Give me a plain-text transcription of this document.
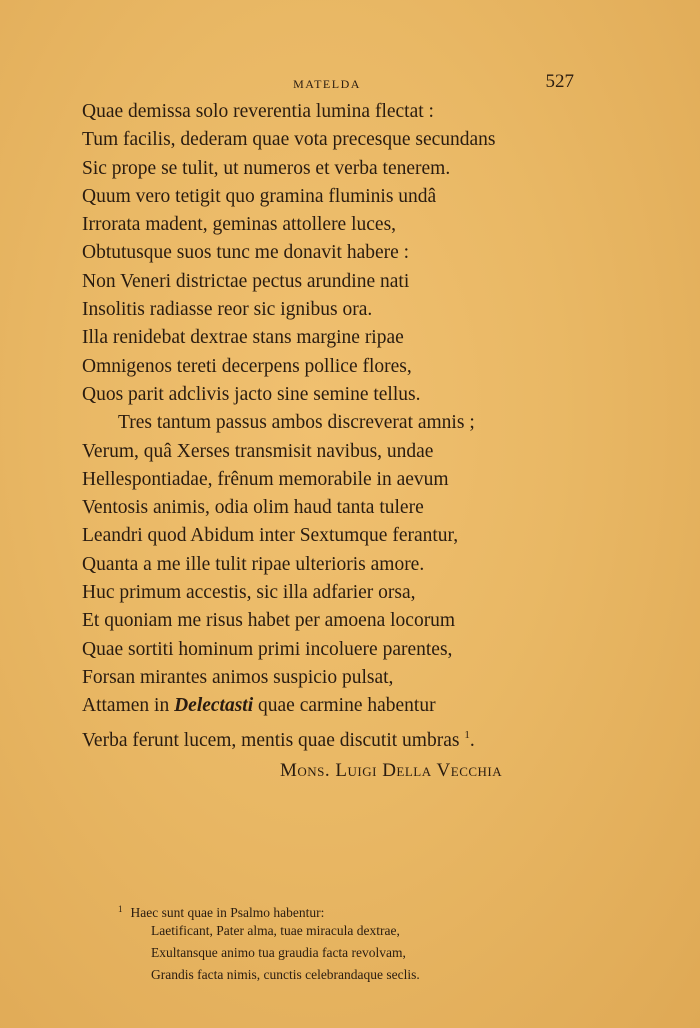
MATELDA	527
Quae demissa solo reverentia lumina flectat :
Tum facilis, dederam quae vota precesque secundans
Sic prope se tulit, ut numeros et verba tenerem.
Quum vero tetigit quo gramina fluminis undâ
Irrorata madent, geminas attollere luces,
Obtutusque suos tunc me donavit habere :
Non Veneri districtae pectus arundine nati
Insolitis radiasse reor sic ignibus ora.
Illa renidebat dextrae stans margine ripae
Omnigenos tereti decerpens pollice flores,
Quos parit adclivis jacto sine semine tellus.
Tres tantum passus ambos discreverat amnis ;
Verum, quâ Xerses transmisit navibus, undae
Hellespontiadae, frênum memorabile in aevum
Ventosis animis, odia olim haud tanta tulere
Leandri quod Abidum inter Sextumque ferantur,
Quanta a me ille tulit ripae ulterioris amore.
Huc primum accestis, sic illa adfarier orsa,
Et quoniam me risus habet per amoena locorum
Quae sortiti hominum primi incoluere parentes,
Forsan mirantes animos suspicio pulsat,
Attamen in Delectasti quae carmine habentur
Verba ferunt lucem, mentis quae discutit umbras $^1$.
Mons. Luigi Della Vecchia
$^1$ Haec sunt quae in Psalmo habentur:
Laetificant, Pater alma, tuae miracula dextrae,
Exultansque animo tua graudia facta revolvam,
Grandis facta nimis, cunctis celebrandaque seclis.
